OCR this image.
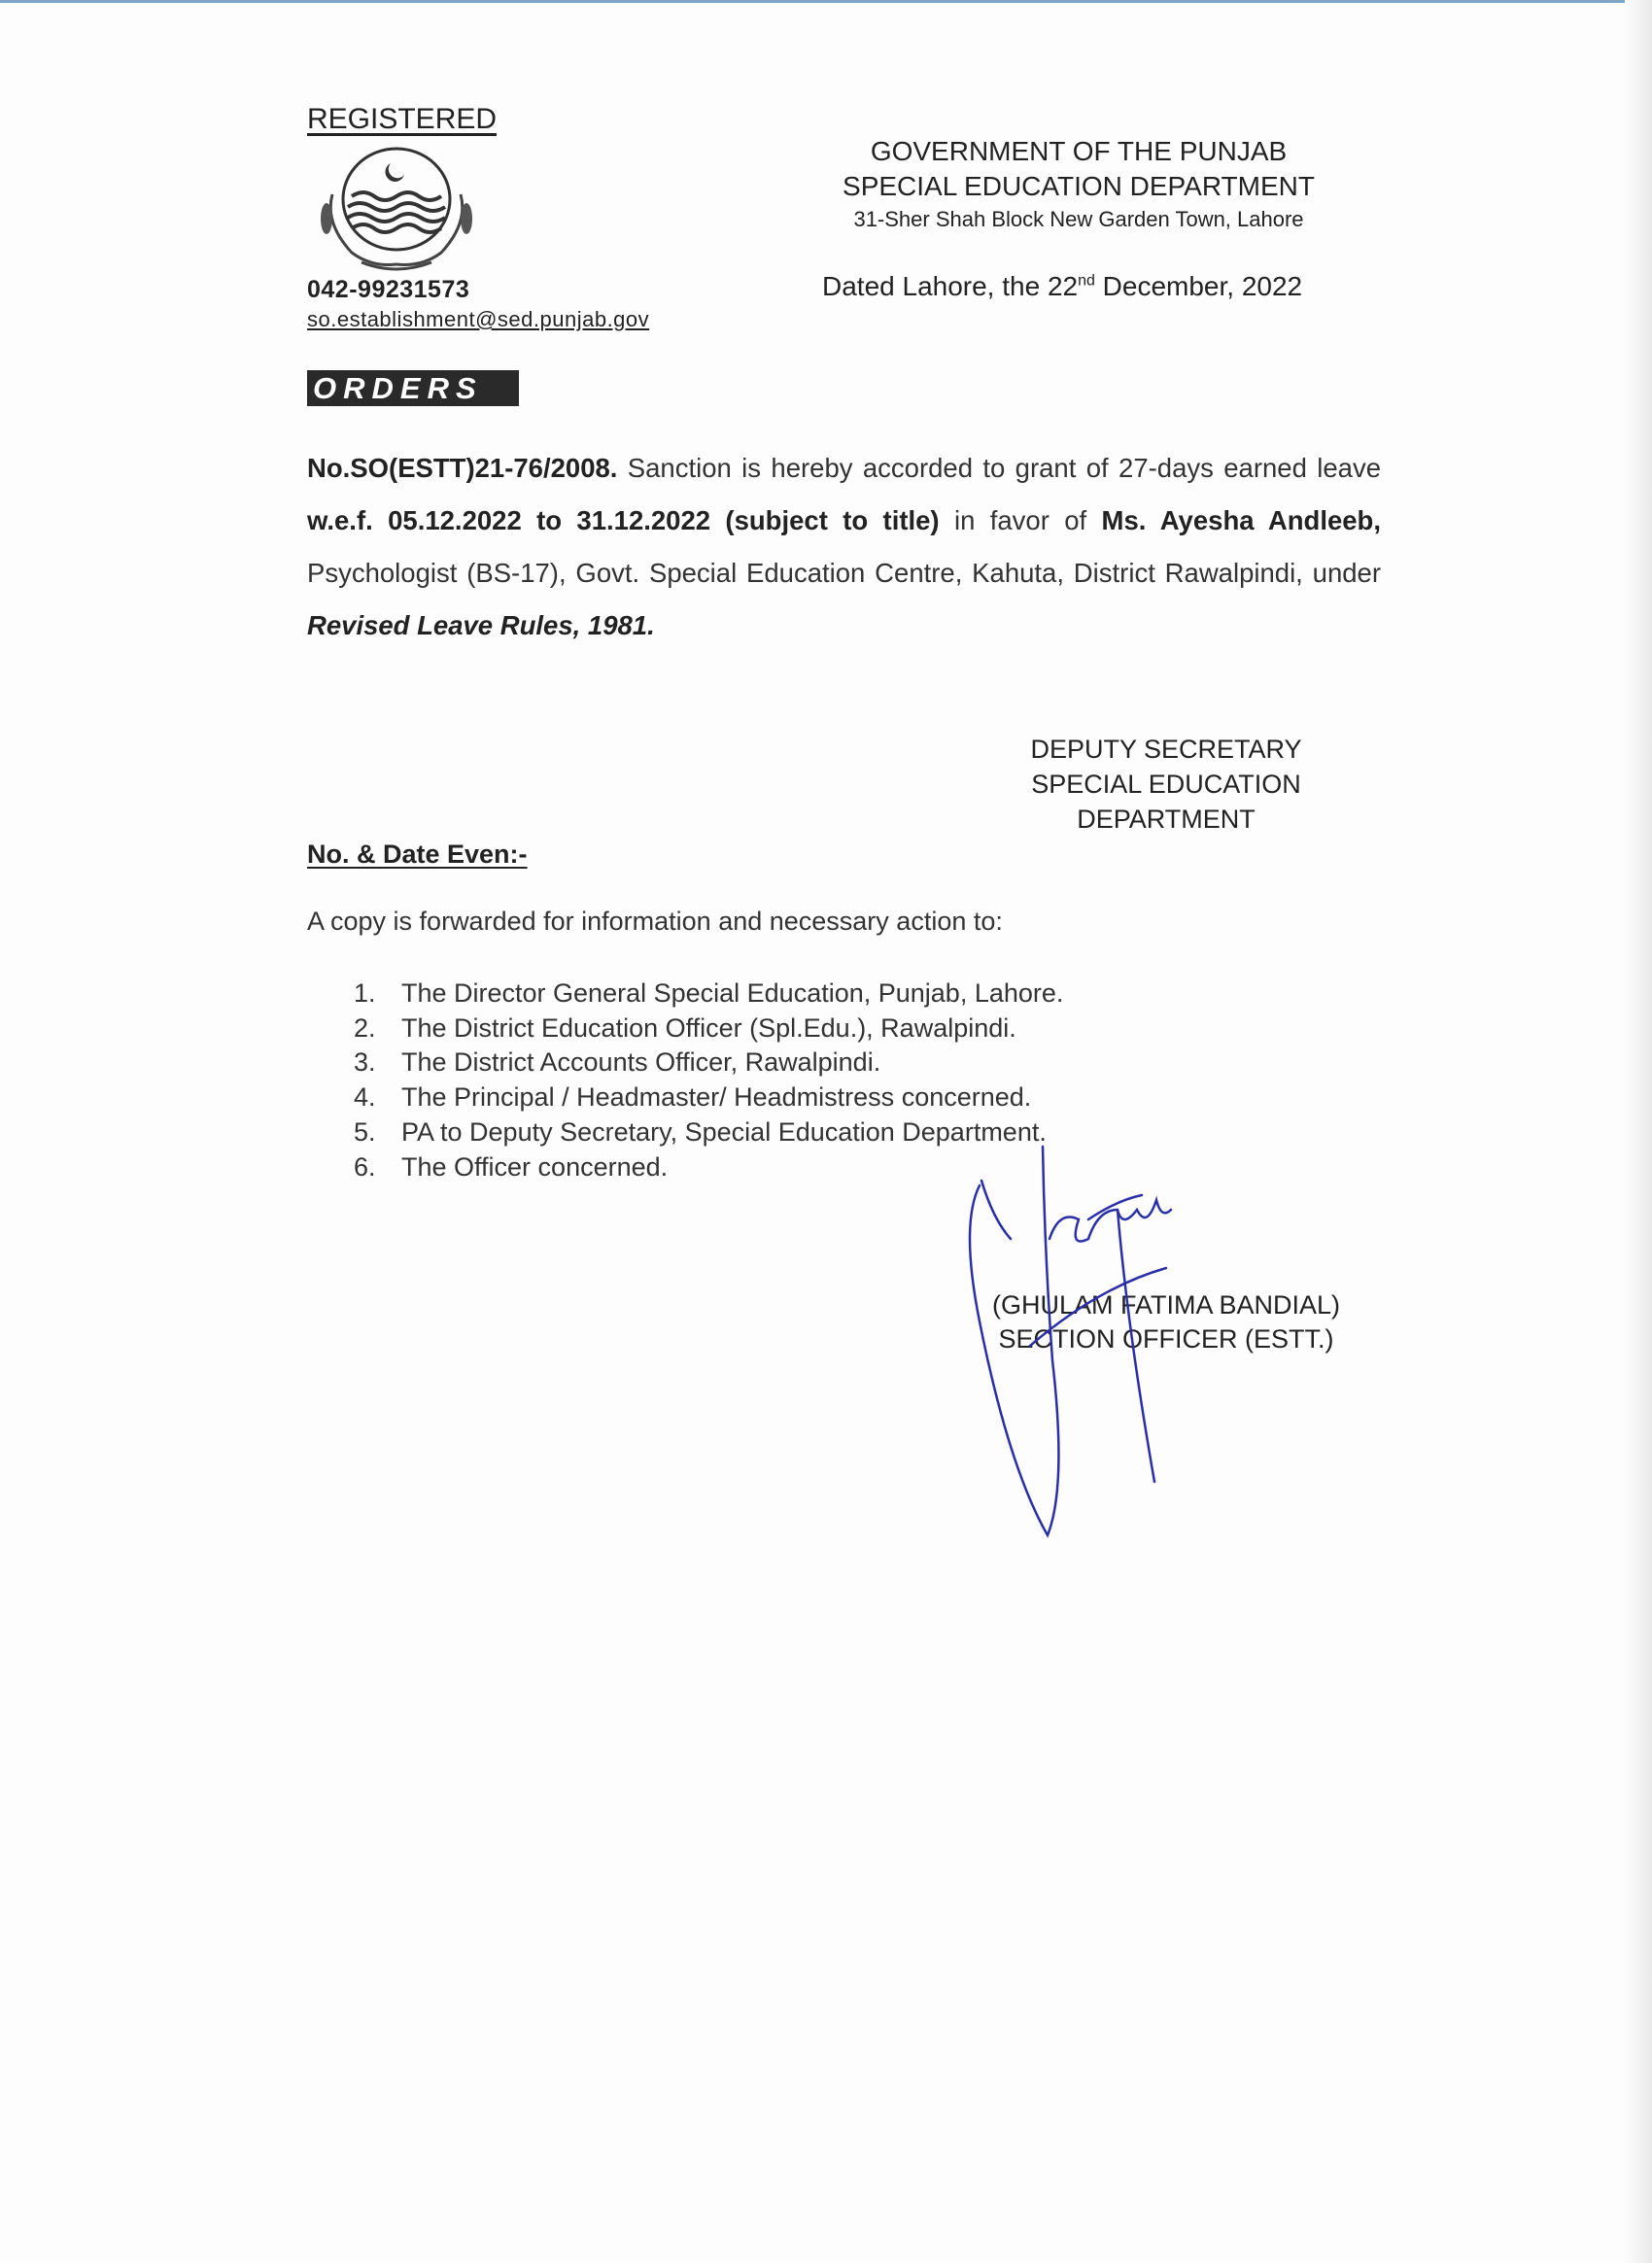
REGISTERED
042-99231573
so.establishment@sed.punjab.gov
GOVERNMENT OF THE PUNJAB
SPECIAL EDUCATION DEPARTMENT
31-Sher Shah Block New Garden Town, Lahore
Dated Lahore, the 22nd December, 2022
ORDERS
No.SO(ESTT)21-76/2008. Sanction is hereby accorded to grant of 27-days earned leave w.e.f. 05.12.2022 to 31.12.2022 (subject to title) in favor of Ms. Ayesha Andleeb, Psychologist (BS-17), Govt. Special Education Centre, Kahuta, District Rawalpindi, under Revised Leave Rules, 1981.
DEPUTY SECRETARY
SPECIAL EDUCATION
DEPARTMENT
No. & Date Even:-
A copy is forwarded for information and necessary action to:
1. The Director General Special Education, Punjab, Lahore.
2. The District Education Officer (Spl.Edu.), Rawalpindi.
3. The District Accounts Officer, Rawalpindi.
4. The Principal / Headmaster/ Headmistress concerned.
5. PA to Deputy Secretary, Special Education Department.
6. The Officer concerned.
(GHULAM FATIMA BANDIAL)
SECTION OFFICER (ESTT.)
